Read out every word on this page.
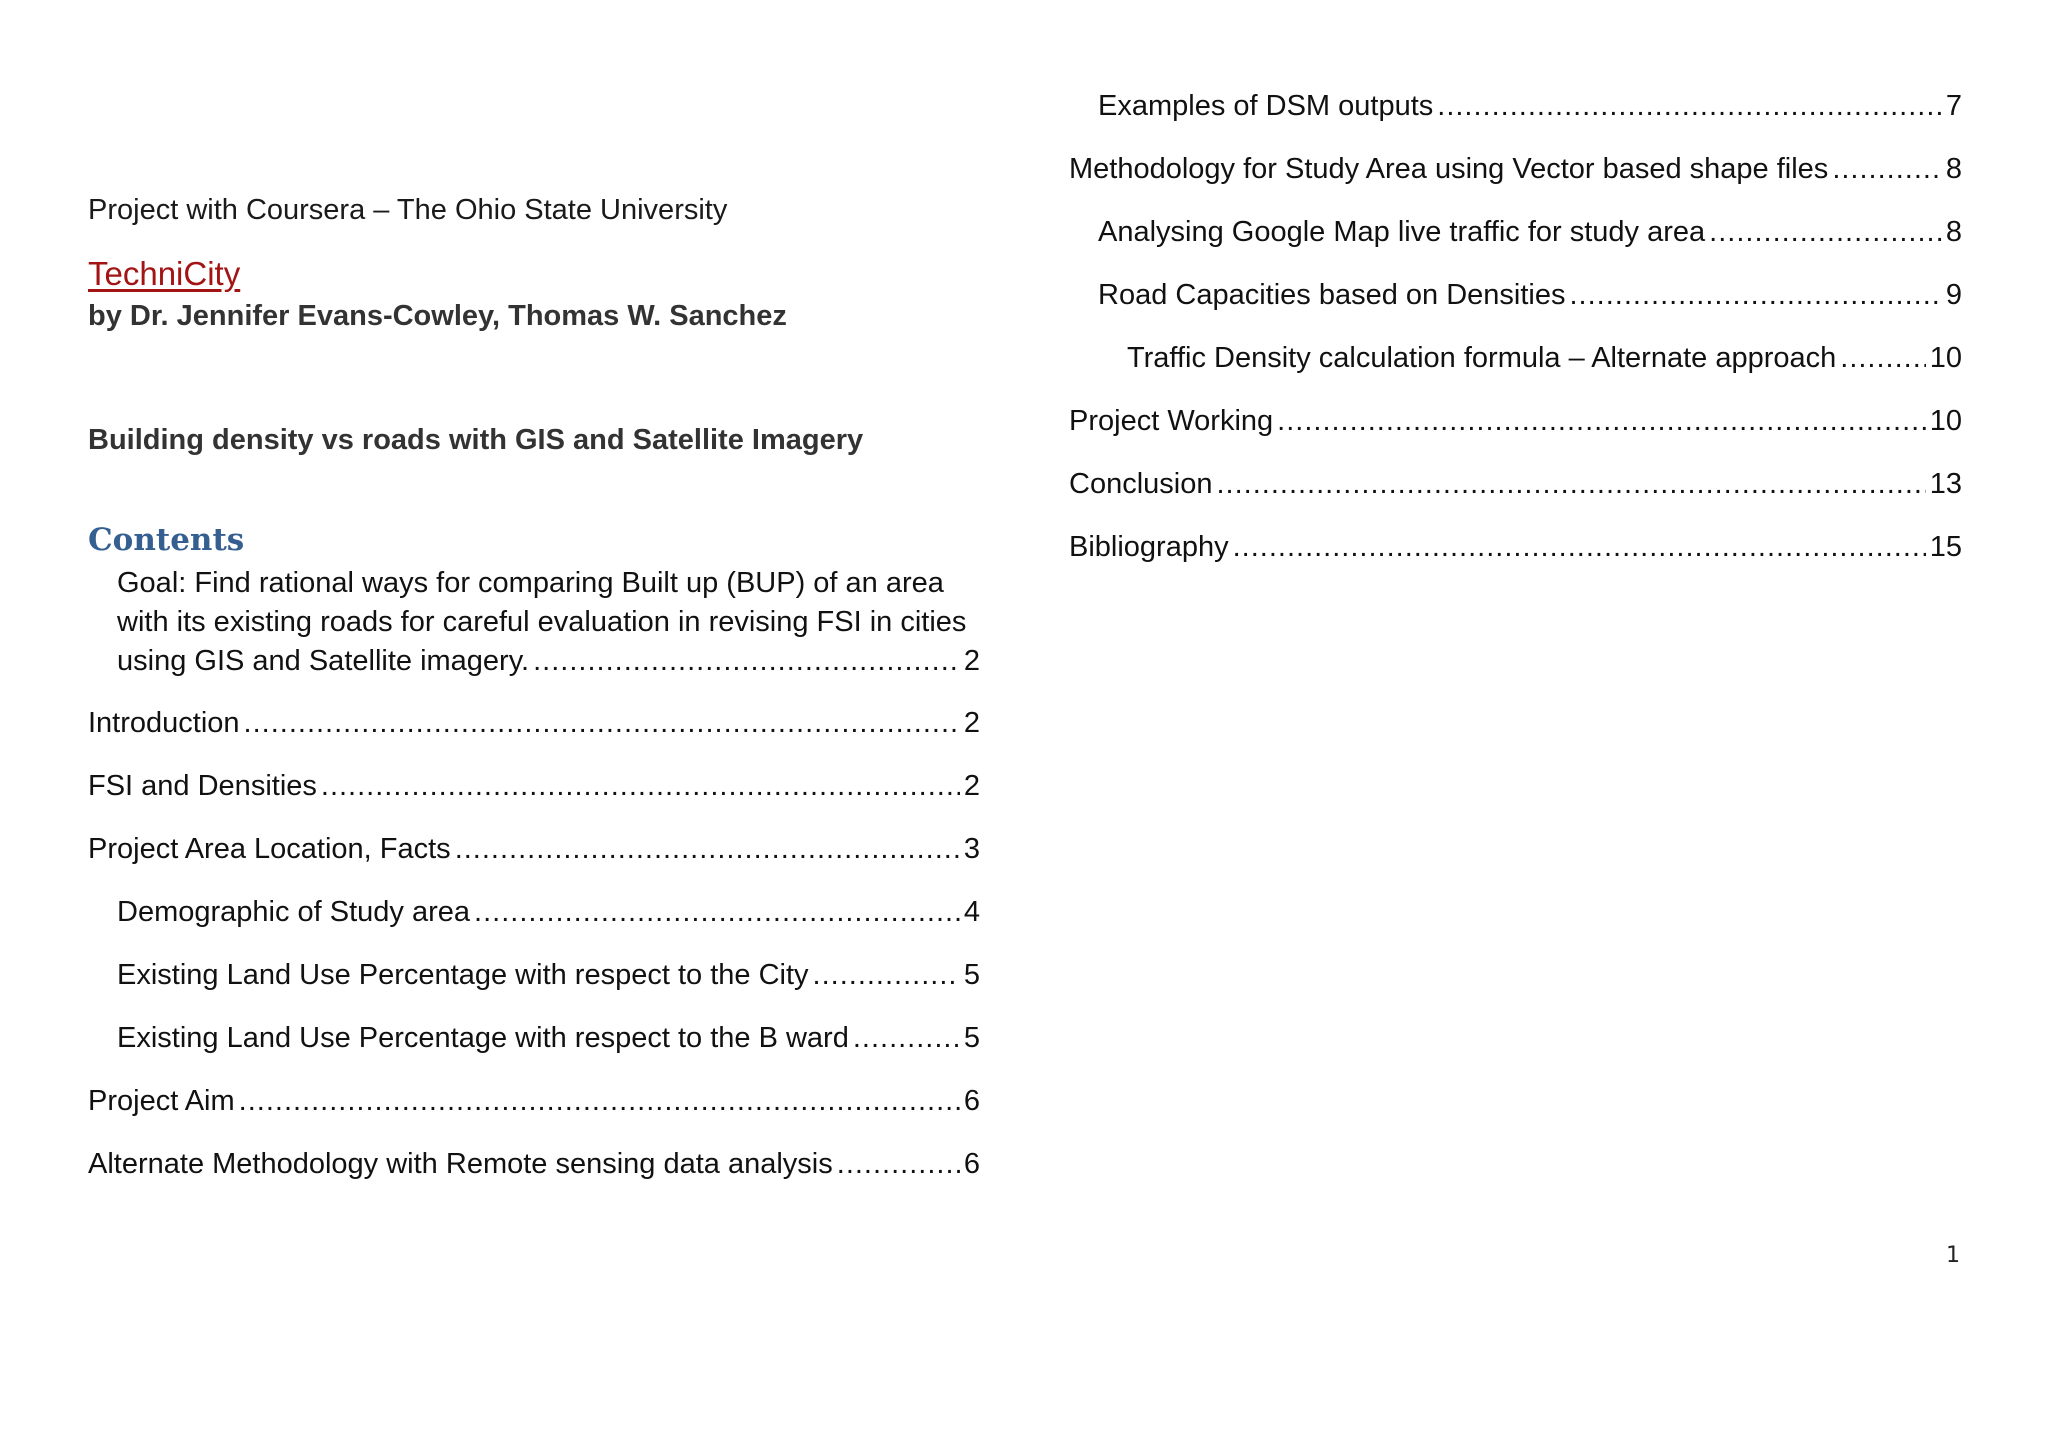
Project with Coursera – The Ohio State University
TechniCity
by Dr. Jennifer Evans-Cowley, Thomas W. Sanchez
Building density vs roads with GIS and Satellite Imagery
Contents
Goal: Find rational ways for comparing Built up (BUP) of an area
with its existing roads for careful evaluation in revising FSI in cities
using GIS and Satellite imagery. .....	2
Introduction .....	2
FSI and Densities .....	2
Project Area Location, Facts .....	3
Demographic of Study area .....	4
Existing Land Use Percentage with respect to the City .....	5
Existing Land Use Percentage with respect to the B ward .....	5
Project Aim .....	6
Alternate Methodology with Remote sensing data analysis .....	6
Examples of DSM outputs .....	7
Methodology for Study Area using Vector based shape files .....	8
Analysing Google Map live traffic for study area .....	8
Road Capacities based on Densities .....	9
Traffic Density calculation formula – Alternate approach .....	10
Project Working .....	10
Conclusion .....	13
Bibliography .....	15
1
